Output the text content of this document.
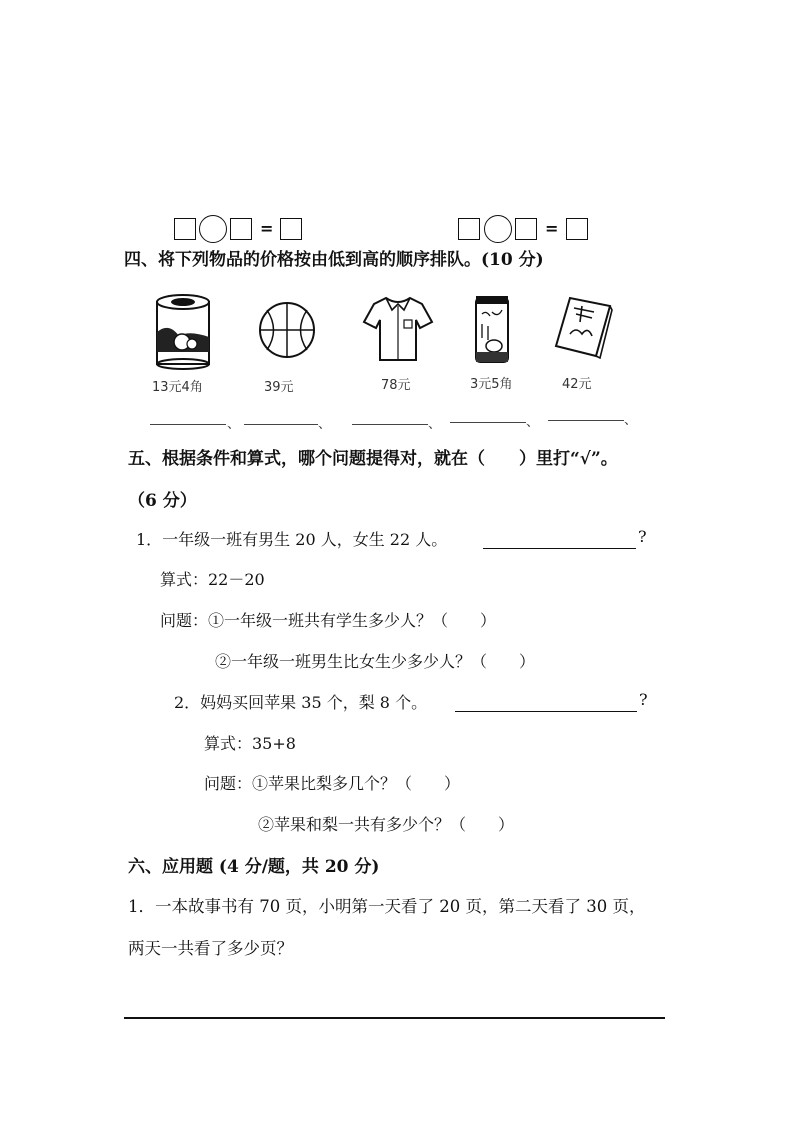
=	=
四、将下列物品的价格按由低到高的顺序排队。(10 分)
13元4角	39元	78元	3元5角	42元
、	、	、	、	、
五、根据条件和算式，哪个问题提得对，就在（　　）里打“√”。
（6 分）
1．一年级一班有男生 20 人，女生 22 人。	?
算式：22－20
问题：①一年级一班共有学生多少人？（　　）
②一年级一班男生比女生少多少人？（　　）
2．妈妈买回苹果 35 个，梨 8 个。	?
算式：35+8
问题：①苹果比梨多几个？（　　）
②苹果和梨一共有多少个？（　　）
六、应用题 (4 分/题，共 20 分)
1．一本故事书有 70 页，小明第一天看了 20 页，第二天看了 30 页，
两天一共看了多少页？
